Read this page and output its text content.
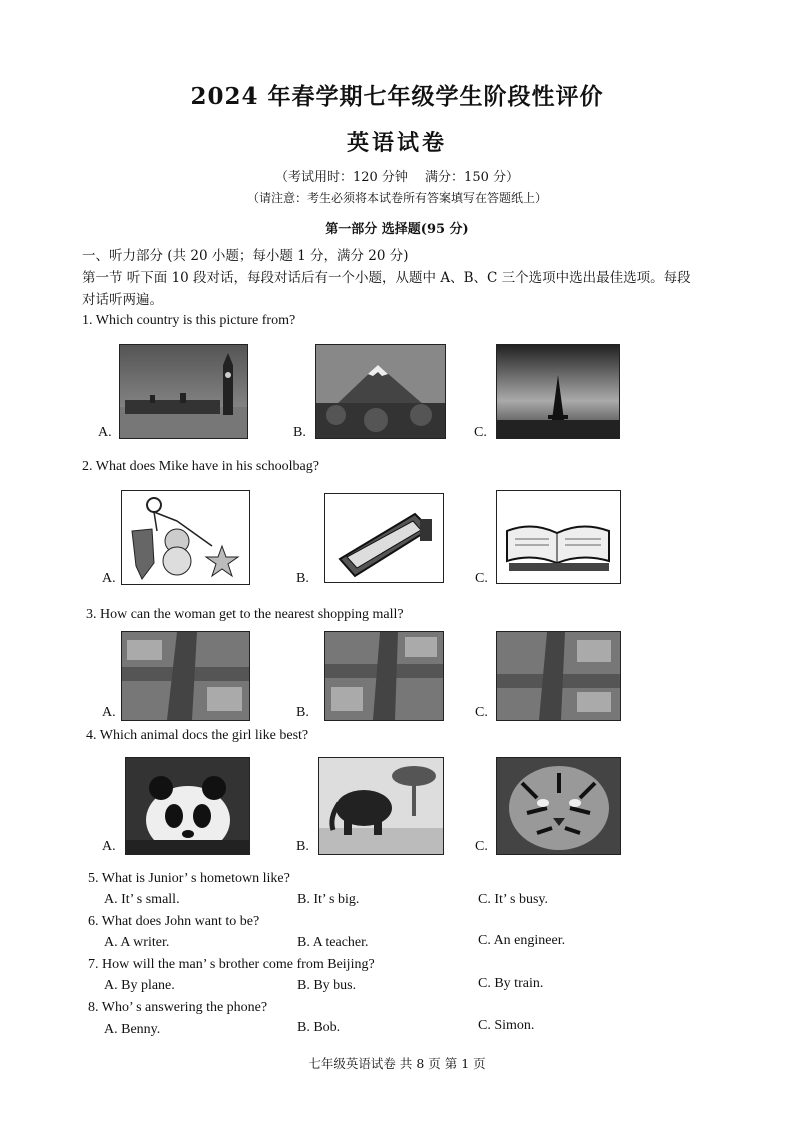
2024 年春学期七年级学生阶段性评价
英语试卷
（考试用时：120 分钟　 满分：150 分）
（请注意：考生必须将本试卷所有答案填写在答题纸上）
第一部分 选择题(95 分)
一、听力部分 (共 20 小题；每小题 1 分，满分 20 分)
第一节 听下面 10 段对话，每段对话后有一个小题，从题中 A、B、C 三个选项中选出最佳选项。每段
对话听两遍。
1. Which country is this picture from?
A.	B.	C.
2. What does Mike have in his schoolbag?
A.	B.	C.
3. How can the woman get to the nearest shopping mall?
A.	B.	C.
4. Which animal docs the girl like best?
A.	B.	C.
5. What is Junior’ s hometown like?
A. It’ s small.	B. It’ s big.	C. It’ s busy.
6. What does John want to be?
A. A writer.	B. A teacher.	C. An engineer.
7. How will the man’ s brother come from Beijing?
A. By plane.	B. By bus.	C. By train.
8. Who’ s answering the phone?
A. Benny.	B. Bob.	C. Simon.
七年级英语试卷 共 8 页 第 1 页
